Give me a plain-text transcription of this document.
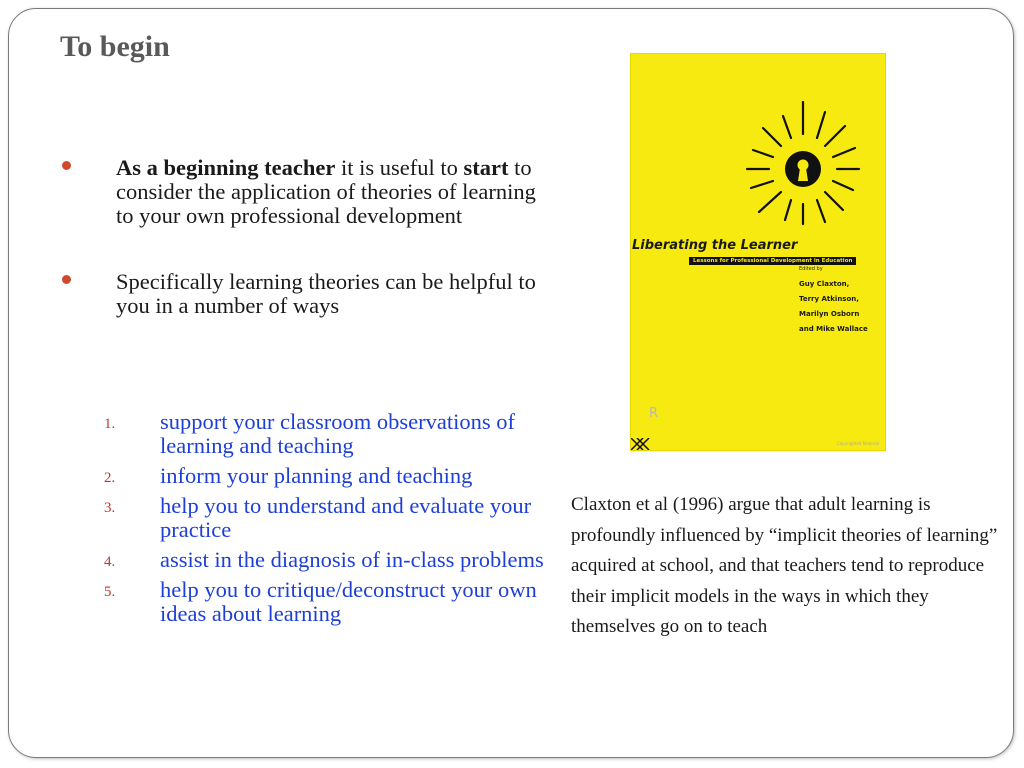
To begin
As a beginning teacher it is useful to start to consider the application of theories of learning to your own professional development
Specifically learning theories can be helpful to you in a number of ways
1. support your classroom observations of learning and teaching
2. inform your planning and teaching
3. help you to understand and evaluate your practice
4. assist in the diagnosis of in-class problems
5. help you to critique/deconstruct your own ideas about learning
Liberating the Learner
Lessons for Professional Development in Education
Edited by
Guy Claxton,
Terry Atkinson,
Marilyn Osborn
and Mike Wallace
R
Copyrighted Material

Claxton et al (1996) argue that adult learning is profoundly influenced by “implicit theories of learning” acquired at school, and that teachers tend to reproduce their implicit models in the ways in which they themselves go on to teach
